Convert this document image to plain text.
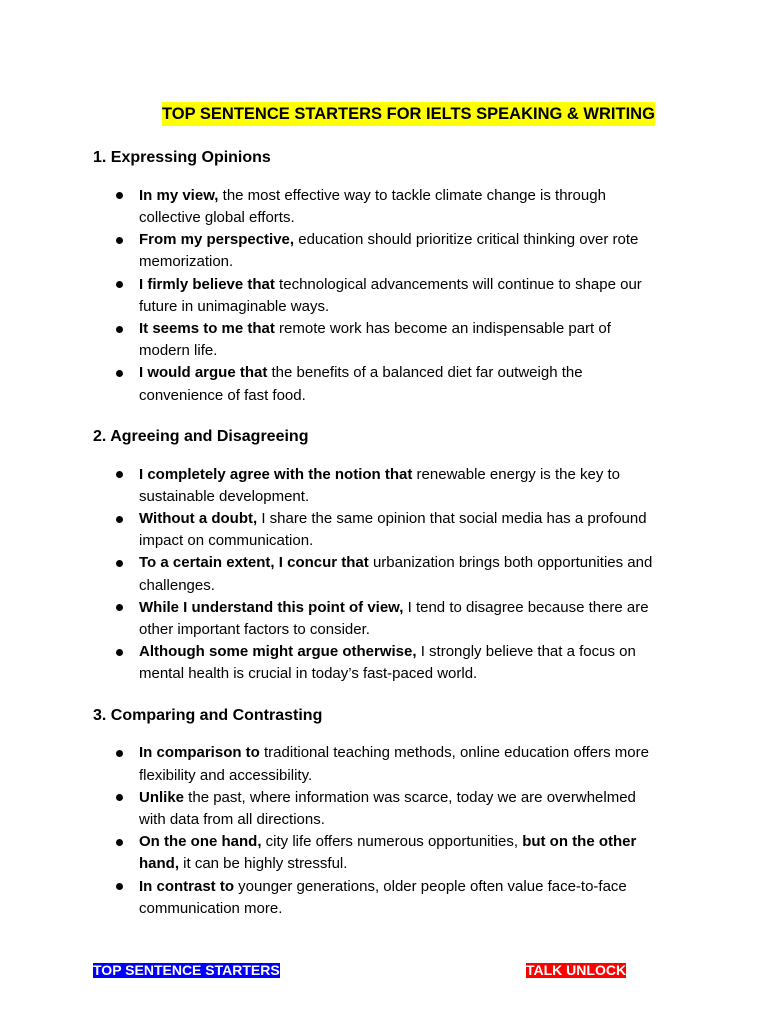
TOP SENTENCE STARTERS FOR IELTS SPEAKING & WRITING
1. Expressing Opinions
In my view, the most effective way to tackle climate change is through
collective global efforts.
From my perspective, education should prioritize critical thinking over rote
memorization.
I firmly believe that technological advancements will continue to shape our
future in unimaginable ways.
It seems to me that remote work has become an indispensable part of
modern life.
I would argue that the benefits of a balanced diet far outweigh the
convenience of fast food.
2. Agreeing and Disagreeing
I completely agree with the notion that renewable energy is the key to
sustainable development.
Without a doubt, I share the same opinion that social media has a profound
impact on communication.
To a certain extent, I concur that urbanization brings both opportunities and
challenges.
While I understand this point of view, I tend to disagree because there are
other important factors to consider.
Although some might argue otherwise, I strongly believe that a focus on
mental health is crucial in today’s fast-paced world.
3. Comparing and Contrasting
In comparison to traditional teaching methods, online education offers more
flexibility and accessibility.
Unlike the past, where information was scarce, today we are overwhelmed
with data from all directions.
On the one hand, city life offers numerous opportunities, but on the other
hand, it can be highly stressful.
In contrast to younger generations, older people often value face-to-face
communication more.
TOP SENTENCE STARTERS	TALK UNLOCK
